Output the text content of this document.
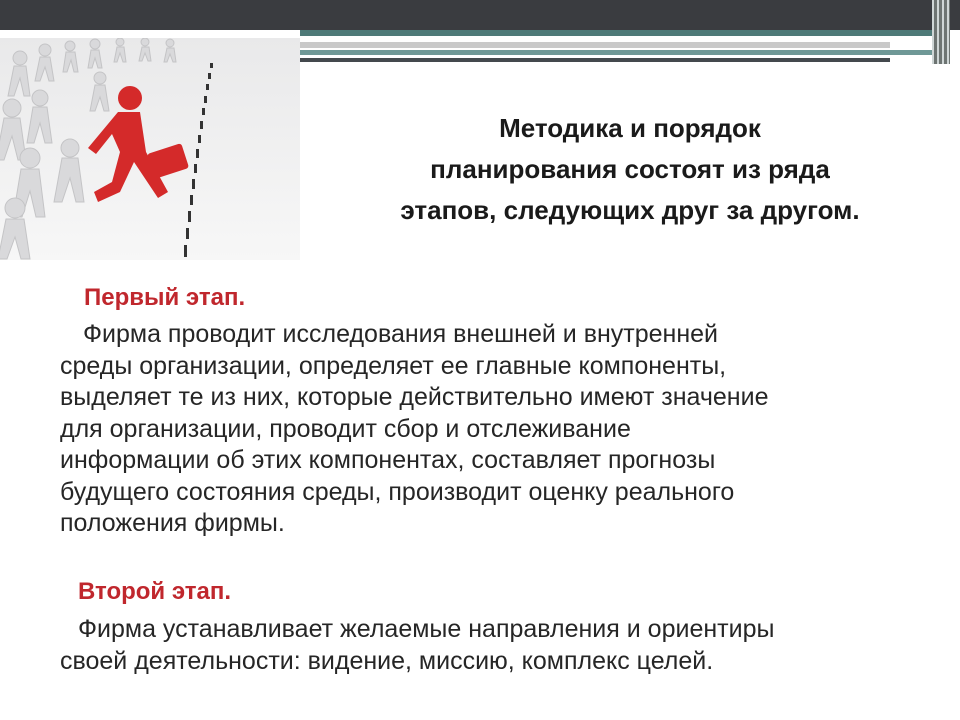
Методика и порядок
планирования состоят из ряда
этапов, следующих друг за другом.
Первый этап.
Фирма проводит исследования внешней и внутренней
среды организации, определяет ее главные компоненты,
выделяет те из них, которые действительно имеют значение
для организации, проводит сбор и отслеживание
информации об этих компонентах, составляет прогнозы
будущего состояния среды, производит оценку реального
положения фирмы.
Второй этап.
Фирма устанавливает желаемые направления и ориентиры
своей деятельности: видение, миссию, комплекс целей.
